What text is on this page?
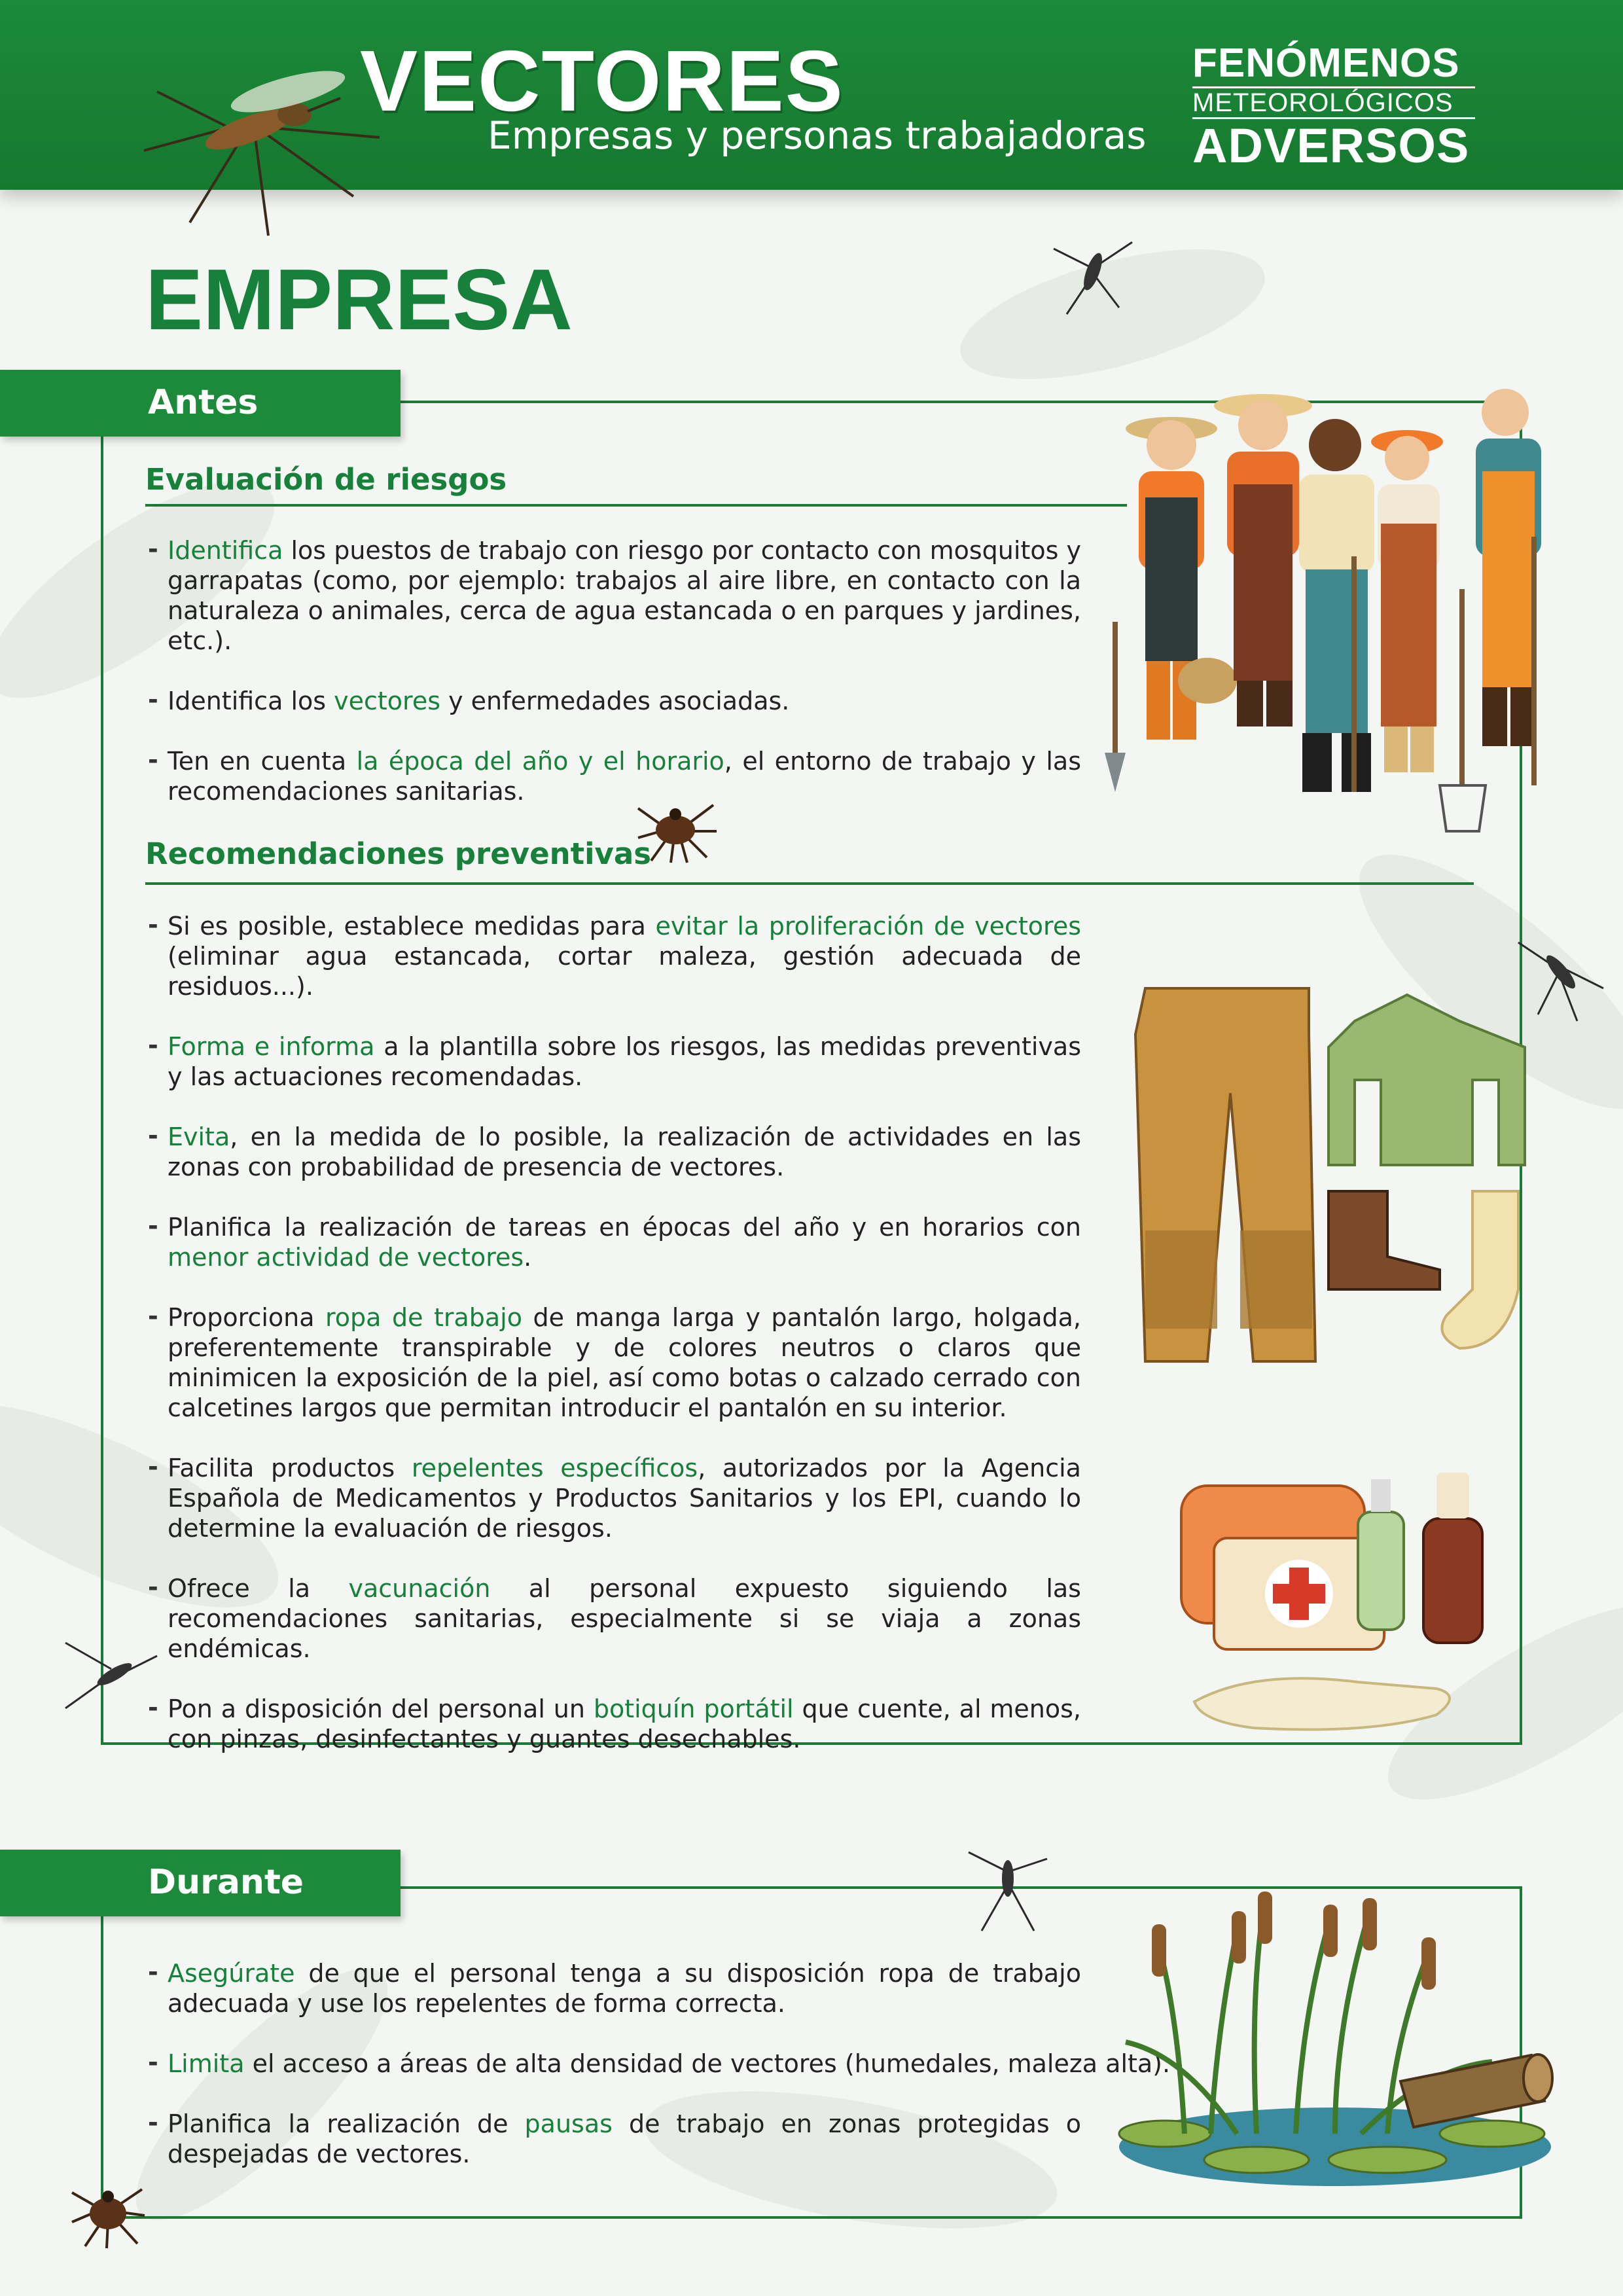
VECTORES
Empresas y personas trabajadoras
FENÓMENOS
METEOROLÓGICOS
ADVERSOS
EMPRESA
Antes
Evaluación de riesgos
- Identifica los puestos de trabajo con riesgo por contacto con mosquitos y garrapatas (como, por ejemplo: trabajos al aire libre, en contacto con la naturaleza o animales, cerca de agua estancada o en parques y jardines, etc.).
- Identifica los vectores y enfermedades asociadas.
- Ten en cuenta la época del año y el horario, el entorno de trabajo y las recomendaciones sanitarias.
Recomendaciones preventivas
- Si es posible, establece medidas para evitar la proliferación de vectores (eliminar agua estancada, cortar maleza, gestión adecuada de residuos...).
- Forma e informa a la plantilla sobre los riesgos, las medidas preventivas y las actuaciones recomendadas.
- Evita, en la medida de lo posible, la realización de actividades en las zonas con probabilidad de presencia de vectores.
- Planifica la realización de tareas en épocas del año y en horarios con menor actividad de vectores.
- Proporciona ropa de trabajo de manga larga y pantalón largo, holgada, preferentemente transpirable y de colores neutros o claros que minimicen la exposición de la piel, así como botas o calzado cerrado con calcetines largos que permitan introducir el pantalón en su interior.
- Facilita productos repelentes específicos, autorizados por la Agencia Española de Medicamentos y Productos Sanitarios y los EPI, cuando lo determine la evaluación de riesgos.
- Ofrece la vacunación al personal expuesto siguiendo las recomendaciones sanitarias, especialmente si se viaja a zonas endémicas.
- Pon a disposición del personal un botiquín portátil que cuente, al menos, con pinzas, desinfectantes y guantes desechables.
Durante
- Asegúrate de que el personal tenga a su disposición ropa de trabajo adecuada y use los repelentes de forma correcta.
- Limita el acceso a áreas de alta densidad de vectores (humedales, maleza alta).
- Planifica la realización de pausas de trabajo en zonas protegidas o despejadas de vectores.
